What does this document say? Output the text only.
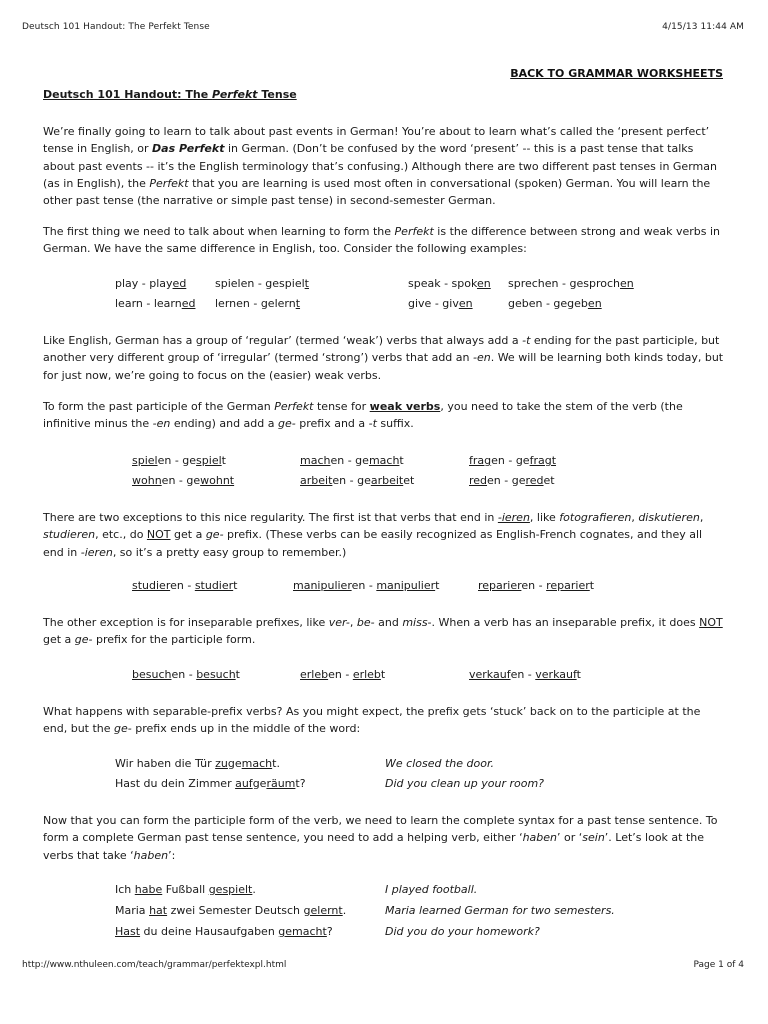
Deutsch 101 Handout: The Perfekt Tense	4/15/13 11:44 AM
BACK TO GRAMMAR WORKSHEETS
Deutsch 101 Handout: The Perfekt Tense
We’re finally going to learn to talk about past events in German! You’re about to learn what’s called the ‘present perfect’ tense in English, or Das Perfekt in German. (Don’t be confused by the word ‘present’ -- this is a past tense that talks about past events -- it’s the English terminology that’s confusing.) Although there are two different past tenses in German (as in English), the Perfekt that you are learning is used most often in conversational (spoken) German. You will learn the other past tense (the narrative or simple past tense) in second-semester German.
The first thing we need to talk about when learning to form the Perfekt is the difference between strong and weak verbs in German. We have the same difference in English, too. Consider the following examples:
play - played	spielen - gespielt	speak - spoken sprechen - gesprochen
learn - learned lernen - gelernt	give - given	geben - gegeben
Like English, German has a group of ‘regular’ (termed ‘weak’) verbs that always add a -t ending for the past participle, but another very different group of ‘irregular’ (termed ‘strong’) verbs that add an -en. We will be learning both kinds today, but for just now, we’re going to focus on the (easier) weak verbs.
To form the past participle of the German Perfekt tense for weak verbs, you need to take the stem of the verb (the infinitive minus the -en ending) and add a ge- prefix and a -t suffix.
spielen - gespielt	machen - gemacht	fragen - gefragt
wohnen - gewohnt	arbeiten - gearbeitet	reden - geredet
There are two exceptions to this nice regularity. The first ist that verbs that end in -ieren, like fotografieren, diskutieren, studieren, etc., do NOT get a ge- prefix. (These verbs can be easily recognized as English-French cognates, and they all end in -ieren, so it’s a pretty easy group to remember.)
studieren - studiert	manipulieren - manipuliert	reparieren - repariert
The other exception is for inseparable prefixes, like ver-, be- and miss-. When a verb has an inseparable prefix, it does NOT get a ge- prefix for the participle form.
besuchen - besucht	erleben - erlebt	verkaufen - verkauft
What happens with separable-prefix verbs? As you might expect, the prefix gets ‘stuck’ back on to the participle at the end, but the ge- prefix ends up in the middle of the word:
Wir haben die Tür zugemacht.	We closed the door.
Hast du dein Zimmer aufgeräumt?	Did you clean up your room?
Now that you can form the participle form of the verb, we need to learn the complete syntax for a past tense sentence. To form a complete German past tense sentence, you need to add a helping verb, either ‘haben’ or ‘sein’. Let’s look at the verbs that take ‘haben’:
Ich habe Fußball gespielt.	I played football.
Maria hat zwei Semester Deutsch gelernt.	Maria learned German for two semesters.
Hast du deine Hausaufgaben gemacht?	Did you do your homework?
http://www.nthuleen.com/teach/grammar/perfektexpl.html	Page 1 of 4
